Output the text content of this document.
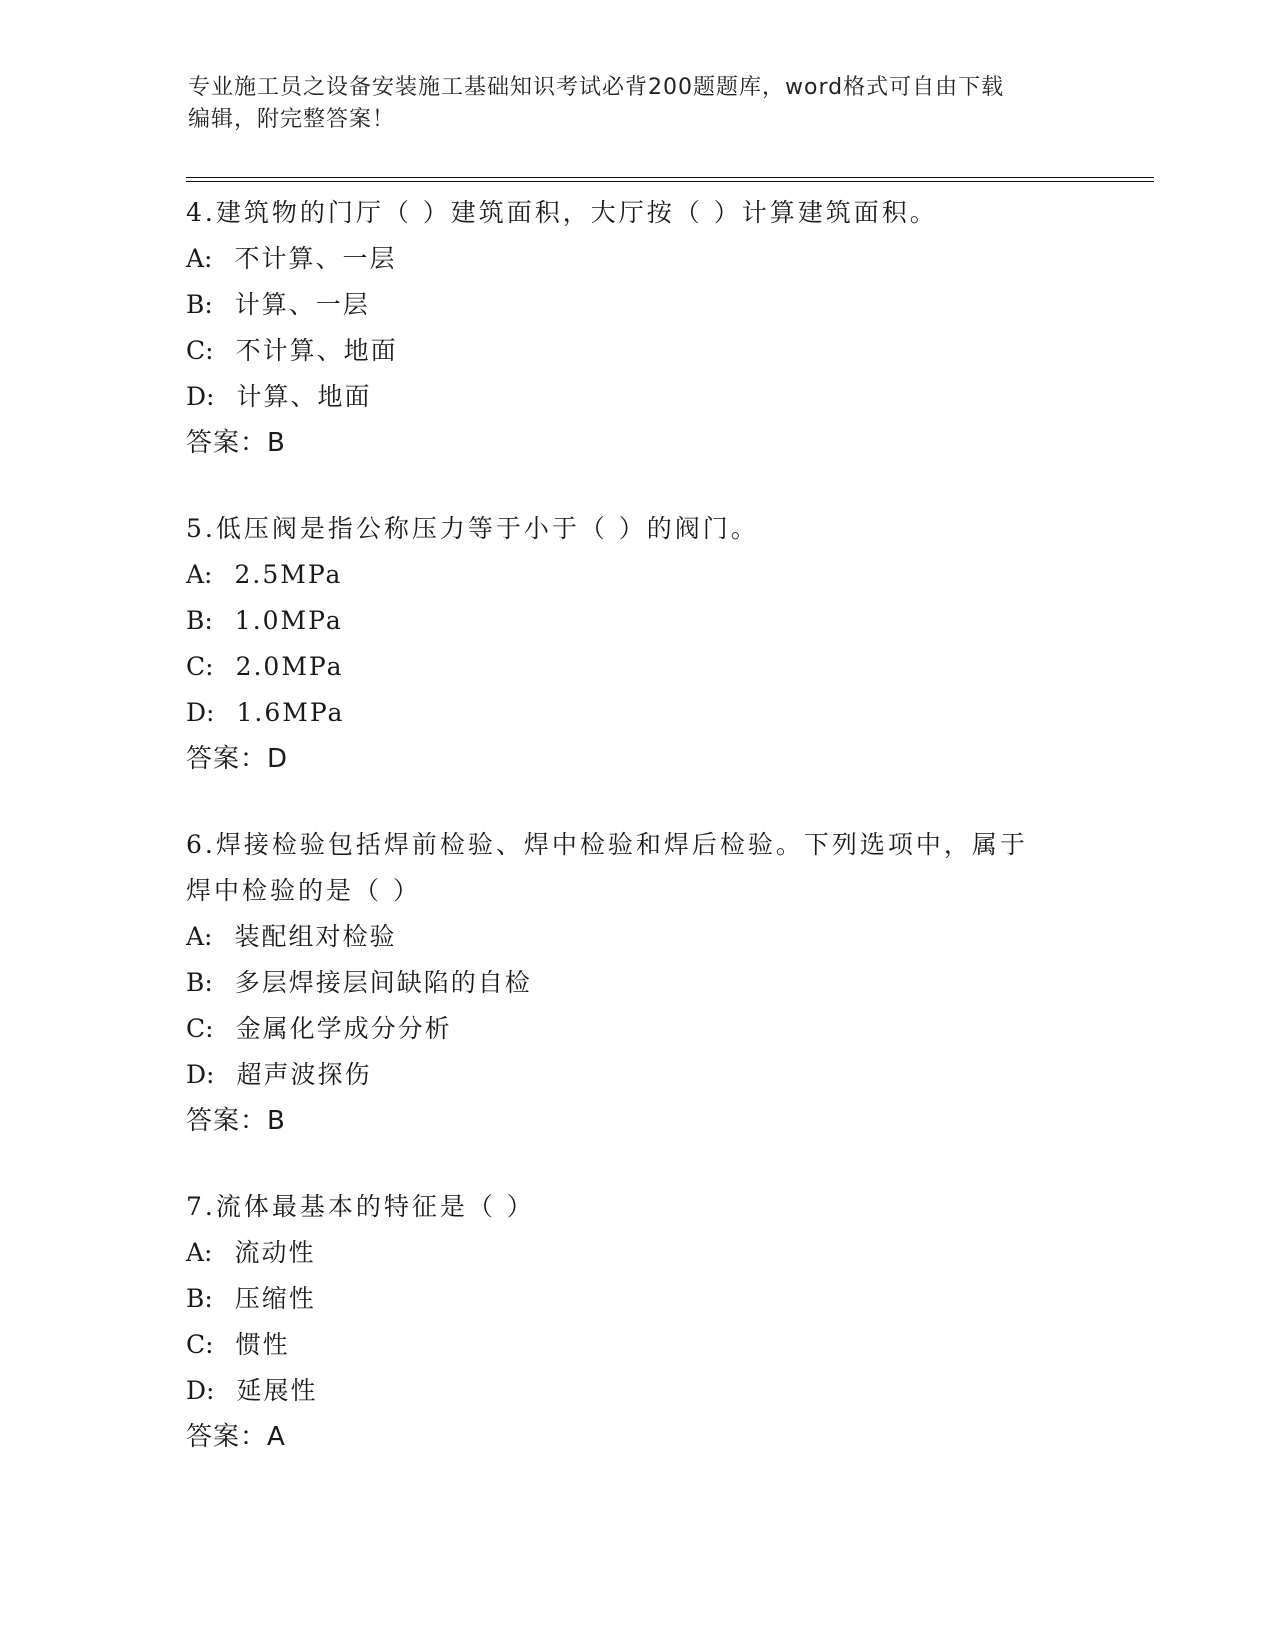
专业施工员之设备安装施工基础知识考试必背200题题库，word格式可自由下载
编辑，附完整答案！

4.建筑物的门厅（ ）建筑面积，大厅按（ ）计算建筑面积。

A: 不计算、一层

B: 计算、一层

C: 不计算、地面

D: 计算、地面

答案：B

5.低压阀是指公称压力等于小于（ ）的阀门。

A: 2.5MPa

B: 1.0MPa

C: 2.0MPa

D: 1.6MPa

答案：D

6.焊接检验包括焊前检验、焊中检验和焊后检验。下列选项中，属于

焊中检验的是（ ）

A: 装配组对检验

B: 多层焊接层间缺陷的自检

C: 金属化学成分分析

D: 超声波探伤

答案：B

7.流体最基本的特征是（ ）

A: 流动性

B: 压缩性

C: 惯性

D: 延展性

答案：A
